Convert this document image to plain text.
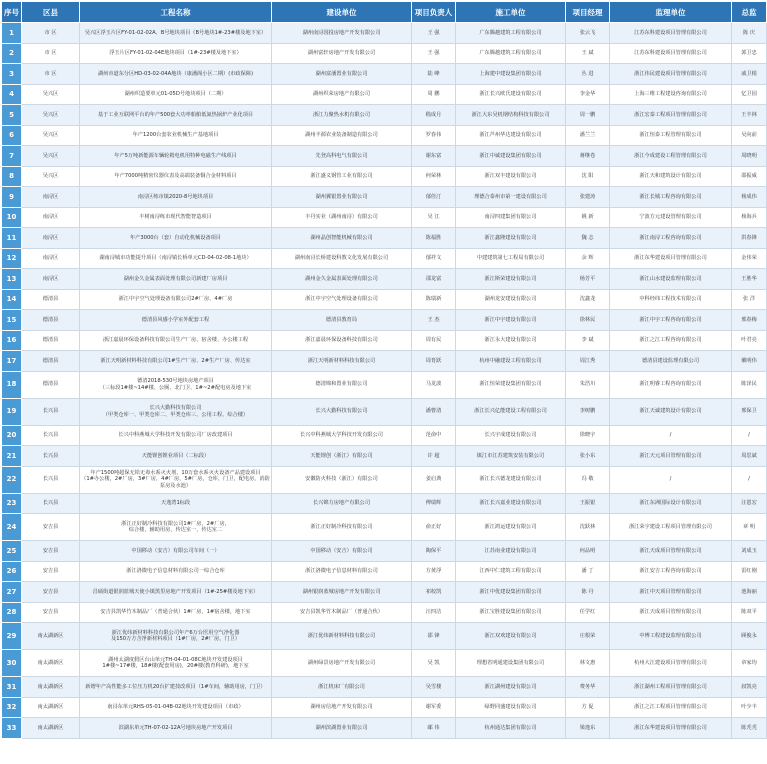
序号	区县	工程名称	建设单位	项目负责人	施工单位	项目经理	监理单位	总监
1	市 区	吴兴区浮玉片区FY-01-02-02A、B号地块项目（B号地块1#-23#楼及地下室）	湖州南浔国投房地产开发有限公司	王 强	广东腾越建筑工程有限公司	张云飞	江苏东科建设项目管理有限公司	陈 庆
2	市 区	浮玉片区FY-01-02-04E地块项目（1#-23#楼及地下室）	湖州富轩房地产开发有限公司	王 强	广东腾越建筑工程有限公司	王 斌	江苏东科建设项目管理有限公司	郭卫忠
3	市 区	湖州市道东分区HD-03-02-04A地块（康潘阁小区二期）(市政保障)	湖州富潘置业有限公司	陆 峰	上海建中建设集团有限公司	丛 进	浙江伟民建设项目管理有限公司	戚卫根
4	吴兴区	湖州织造要单元01-05D号地块项目（二期）	湖州织荣房地产有限公司	周 鹏	浙江长兴欧氏建设有限公司	李金华	上海三维工程建设咨询有限公司	忆卫园
5	吴兴区	基于工业互联网平台的年产500套大功率船舶低氮热锅炉产业化项目	浙江力聚热水机有限公司	嵇成月	浙江大东吴机钢结构科技有限公司	周一鹏	浙江宏泰工程项目管理有限公司	王丰林
6	吴兴区	年产1200台套农业机械生产基地项目	湖州丰源农业装备制造有限公司	罗春伟	浙江芦州华达建设有限公司	潘兰兰	浙江恒泰工程管理有限公司	吴向前
7	吴兴区	年产5万吨新能源车辆轮毂电机用特种电磁生产线项目	先登高科电气有限公司	谢东富	浙江中诚建设集团有限公司	蒋继卷	浙江今成建设工程管理有限公司	周晓明
8	吴兴区	年产7000吨精密仪器仪表及高端装备铜合金材料项目	浙江盛义钢管工业有限公司	何荣林	浙江双丰建设有限公司	沈 阳	浙江天和建筑设计有限公司	邵振威
9	南浔区	南浔区练市镇2020-8号地块项目	湖州翼银置业有限公司	郁佳汀	理德合泰州市第一建设有限公司	张建涛	浙江长城工程咨询有限公司	杨成伟
10	南浔区	丰树南浔练市现代智能智造项目	丰丹实业（湖州南浔）有限公司	吴 江	南浔四建集团有限公司	姚 新	宁波方元建设管理有限公司	杨海兵
11	南浔区	年产3000台（套）自动化机械设备项目	湖州晶创智能机械有限公司	陈福胜	浙江鑫隆建设有限公司	魏 志	浙江南浔工程咨询有限公司	洪春锋
12	南浔区	湖南浔城市功能提升项目（南浔镇长桥单元CD-04-02-08-1地块）	湖州南浔长桥建设科教文化发展有限公司	郁祥文	中建建筑第七工程局有限公司	余 辉	浙江东华建设项目管理有限公司	金伟荣
13	南浔区	湖州金久金属表面处理有限公司新建厂房项目	湖州金久金属表面处理有限公司	邵龙富	浙江斯荣建设有限公司	杨芳平	浙江山水建设监理有限公司	王胜华
14	德清县	浙江中宇空气处理设备有限公司2#厂房、4#厂房	浙江中宇空气处理设备有限公司	陈瑞新	湖州龙安建设有限公司	沈鑫龙	中科经纬工程技术有限公司	张 洋
15	德清县	德清县风感小学室外配套工程	德清县教育局	王 杰	浙江中宇建设有限公司	徐林民	浙江中宇工程咨询有限公司	邢春梅
16	德清县	浙江嘉晨环保设备科技有限公司生产厂房、宿舍楼、办公楼工程	浙江嘉晨环保设备科技有限公司	周有民	浙江永大建设有限公司	李 斌	浙江之江工程咨询有限公司	叶君亮
17	德清县	浙江天明新材料科技有限公司1#生产厂房、2#生产厂房、传达室	浙江天明新材料科技有限公司	周育跃	杭州中融建设工程有限公司	周江秀	德清县建设监理有限公司	戴明伟
18	德清县	德清2018-530号地块房地产项目
（三标段1#楼~14#楼、公厕、北门卫、1#~2#配电房及地下室	德清锦和置业有限公司	马龙波	浙江恒荣建设集团有限公司	朱浩川	浙江明睿工程咨询有限公司	陈泽民
19	长兴县	长兴大勤科技有限公司
（甲类仓库一、甲类仓库二、甲类仓库三、公用工程、综合楼）	长兴大勤科技有限公司	潘曹清	浙江长兴亿能建设工程有限公司	李树鹏	浙江天诚建筑设计有限公司	邢保卫
20	长兴县	长兴中科燕城大学科技开发有限公司厂房改建项目	长兴中科燕城大学科技开发有限公司	范俞中	长兴宇成建设有限公司	徐晓宇	/	/
21	长兴县	天能锂创锂业项目（二标段）	天能锂创（浙江）有限公司	许 超	镇江市江苏建筑安装有限公司	张小东	浙江天元项目管理有限公司	周思斌
22	长兴县	年产1500吨超保无铅无毒水系灭火剂、10万套水系灭火设备产品建设项目
（1#办公楼，2#厂房，3#厂房，4#厂房，5#厂房，仓库，门卫，配电房，消防泵房及水池）	安徽防火科技（浙江）有限公司	姜启典	浙江长兴德龙建设有限公司	冯 敬	/	/
23	长兴县	天逸湾1标段	长兴锦力房地产有限公司	傅瑞辉	浙江长兴嘉业建设有限公司	王振银	浙江东洲国际设计有限公司	汪恩宏
24	安吉县	浙江正好制冷科技有限公司1#厂房，2#厂房，
综合楼，辅助用房，传达室一，传达室二	浙江正好制冷科技有限公司	俞正好	浙江鸿运建设有限公司	沈跃林	浙江荣宇建设工程项目管理有限公司	章 明
25	安吉县	中国移动（安吉）有限公司车间（一）	中国移动（安吉）有限公司	陶保平	江苏南业建设有限公司	何品明	浙江天成项目管理有限公司	刘成玉
26	安吉县	浙江洛微电子信息材料有限公司一综合仓库	浙江洛微电子信息材料有限公司	方黄浮	江西中仁建筑工程有限公司	潘 丁	浙江安吉工程咨询有限公司	雷红刚
27	安吉县	昌硕街道银润蓝城天使小镇黑里房地产开发项目（1#-25#楼及地下室）	湖州银润蓝城房地产开发有限公司	祁校凯	浙江中优建设集团有限公司	陈 丹	浙江中天项目管理有限公司	池海丽
28	安吉县	安吉县凯华竹木制品厂（普通合伙）1#厂房，1#宿舍楼，地下室	安吉县凯华竹木制品厂（普通合伙）	汪四洁	浙江宝胜建设集团有限公司	任学红	浙江天成项目管理有限公司	陈双平
29	南太湖新区	浙江优纬新材料科技有限公司年产6万台医用空气净化器
及150万方含净新材料项目（1#厂房，2#厂房，门卫）	浙江优纬新材料科技有限公司	邵 锋	浙江双欢建设有限公司	庄根荣	中傅工程建设监理有限公司	顾俊永
30	南太湖新区	湖州太湖度假区台山单元TH-04-01-08C地块开发建设项目
1#楼~17#楼，18#楼(配套用房)，20#楼(教育科研)，地下室	湖州绿景房地产开发有限公司	吴 凯	理想省明通建设集团有限公司	林文惠	杭州大江建设项目管理有限公司	章家均
31	南太湖新区	新增年产高性能多工位压力机20台扩建技改项目（1#车间，辅助用房，门卫）	浙江机床厂有限公司	吴雪楼	浙江湖州建设有限公司	费务华	浙江湖州工程项目管理有限公司	叔凯亮
32	南太湖新区	南浔东单元RHS-05-01-04B-02地块开发建设项目（市政）	湖州房信地产开发有限公司	谢军委	绿野同盛建设有限公司	方 促	浙江之江工程项目管理有限公司	叶少丰
33	南太湖新区	滨湖东单元TH-07-02-12A号地块房地产开发项目	湖州滨湖置业有限公司	邮 伟	杭州通达集团有限公司	梁逸东	浙江东华建设项目管理有限公司	陈秃秃
